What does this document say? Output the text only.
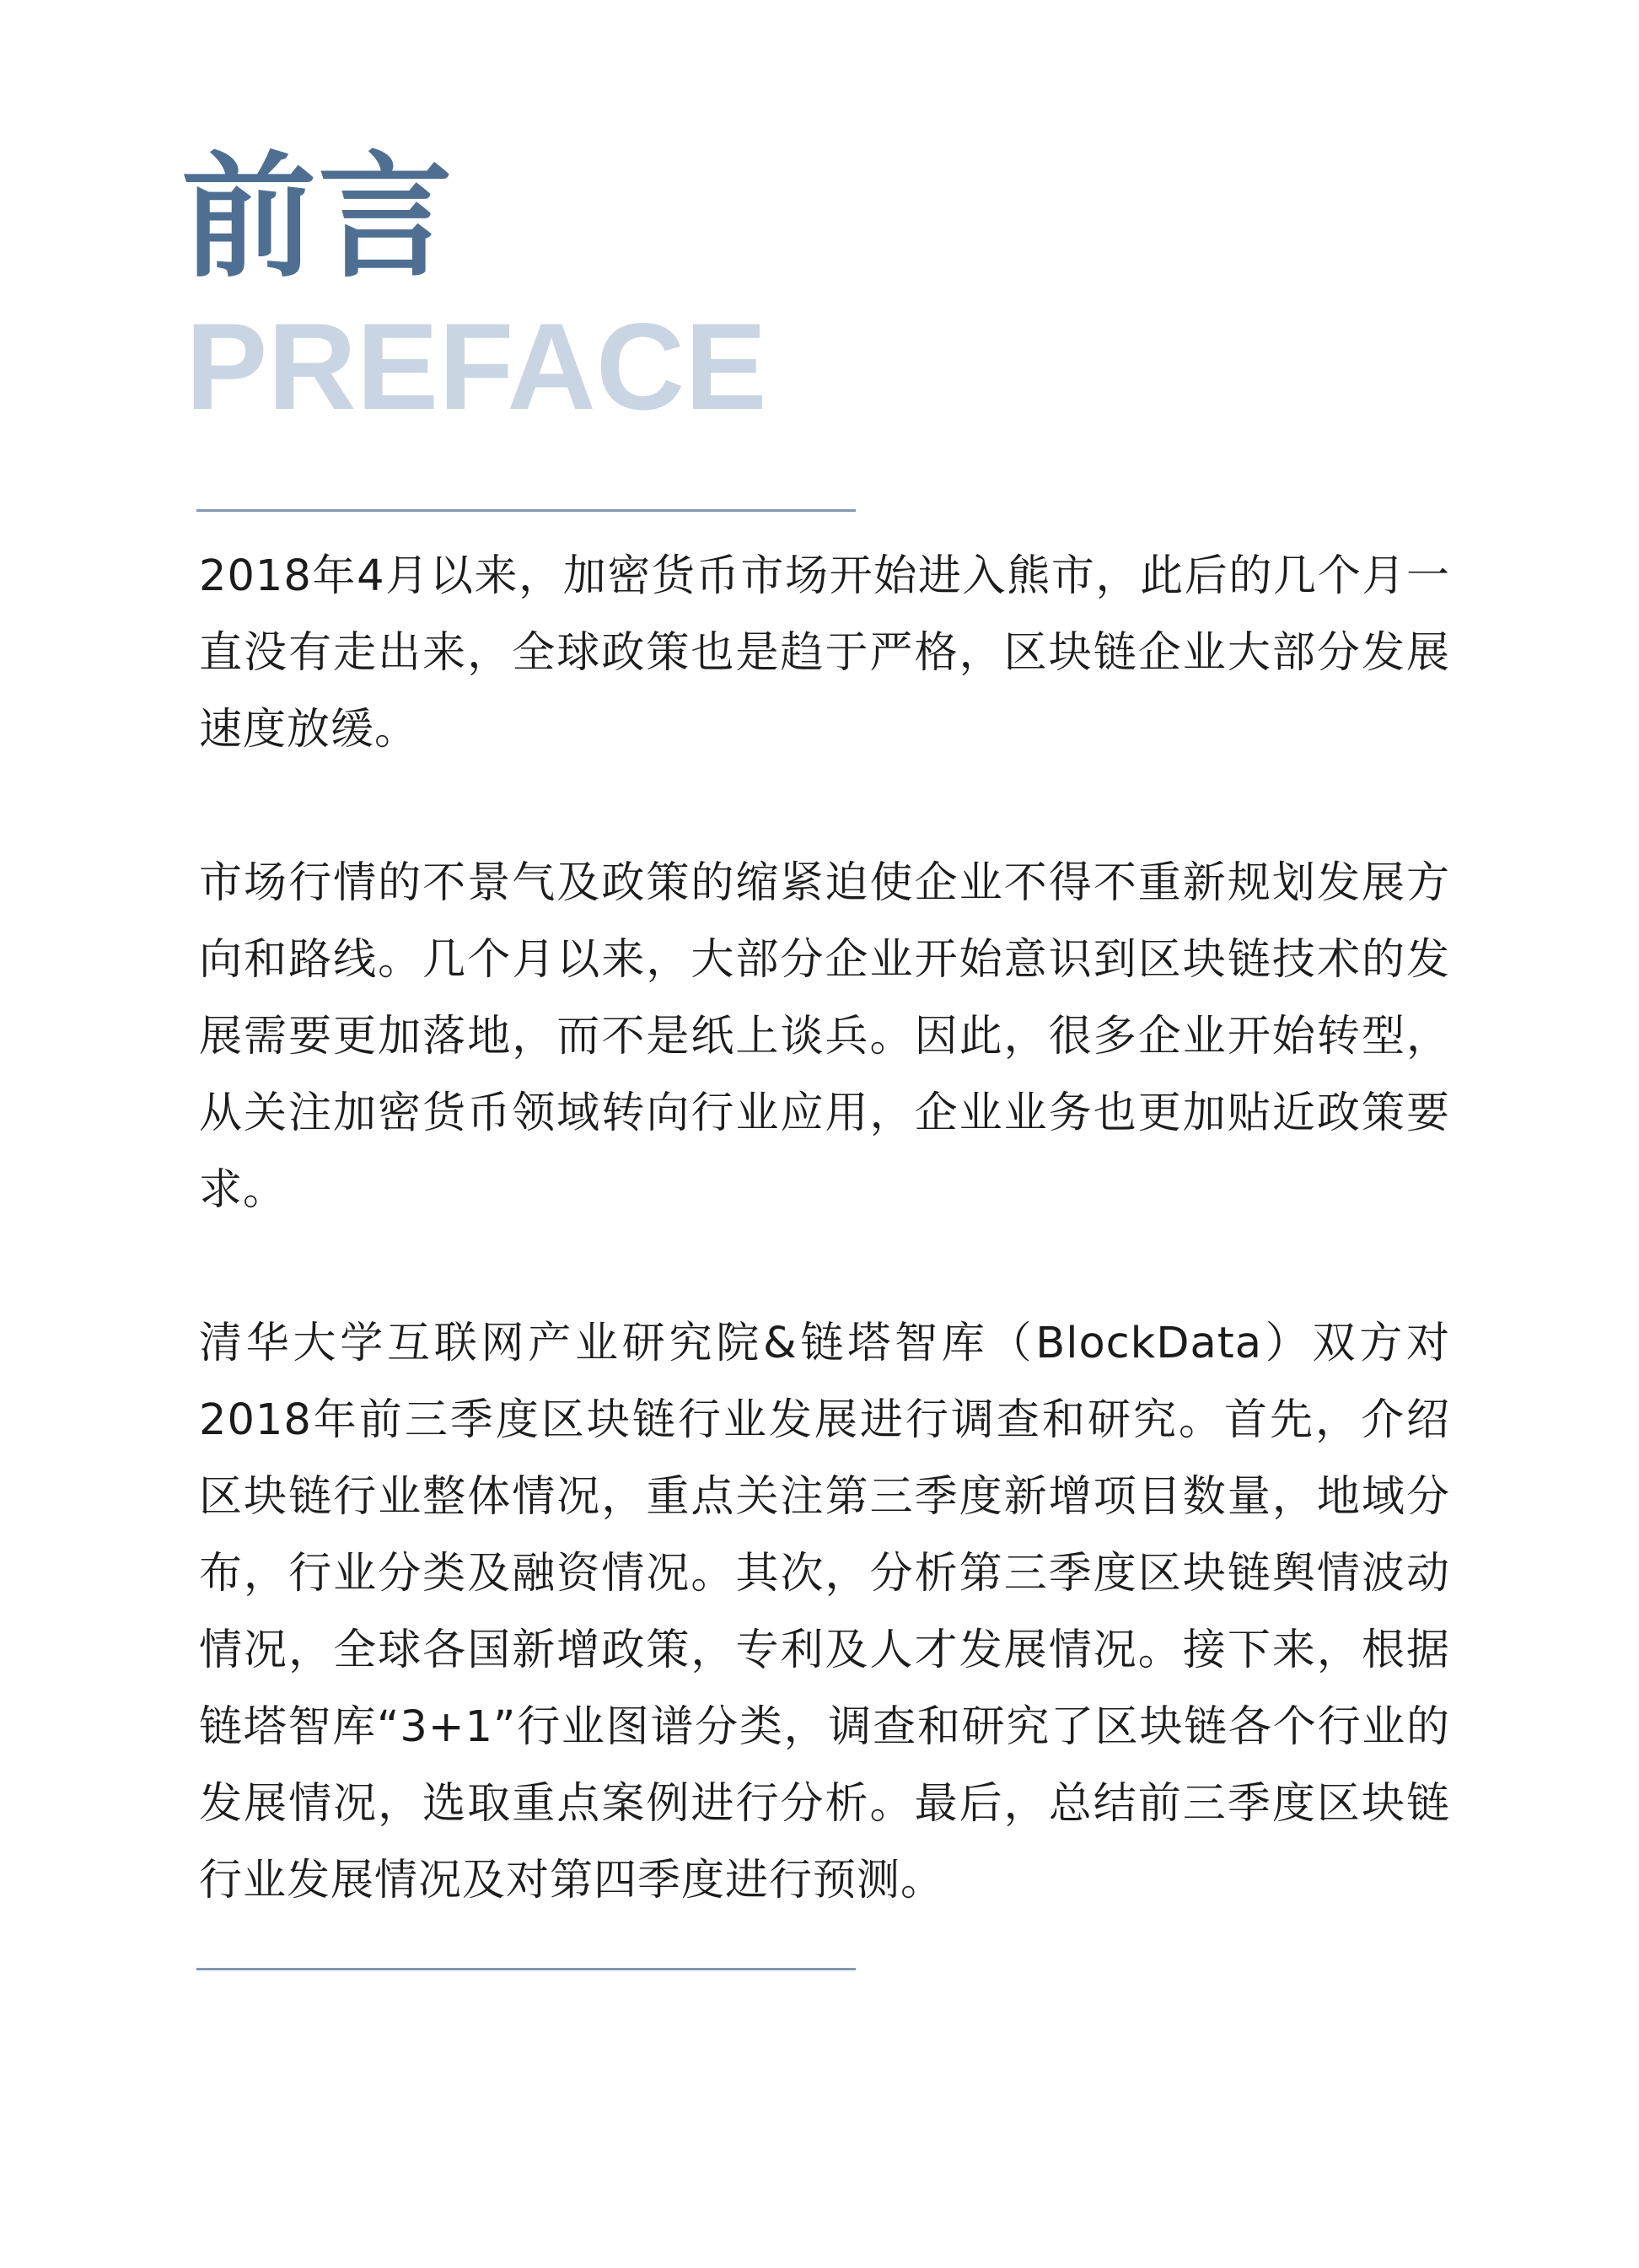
前言
PREFACE

2018年4月以来，加密货币市场开始进入熊市，此后的几个月一直没有走出来，全球政策也是趋于严格，区块链企业大部分发展速度放缓。

市场行情的不景气及政策的缩紧迫使企业不得不重新规划发展方向和路线。几个月以来，大部分企业开始意识到区块链技术的发展需要更加落地，而不是纸上谈兵。因此，很多企业开始转型，从关注加密货币领域转向行业应用，企业业务也更加贴近政策要求。

清华大学互联网产业研究院&链塔智库（BlockData）双方对2018年前三季度区块链行业发展进行调查和研究。首先，介绍区块链行业整体情况，重点关注第三季度新增项目数量，地域分布，行业分类及融资情况。其次，分析第三季度区块链舆情波动情况，全球各国新增政策，专利及人才发展情况。接下来，根据链塔智库“3+1”行业图谱分类，调查和研究了区块链各个行业的发展情况，选取重点案例进行分析。最后，总结前三季度区块链行业发展情况及对第四季度进行预测。
